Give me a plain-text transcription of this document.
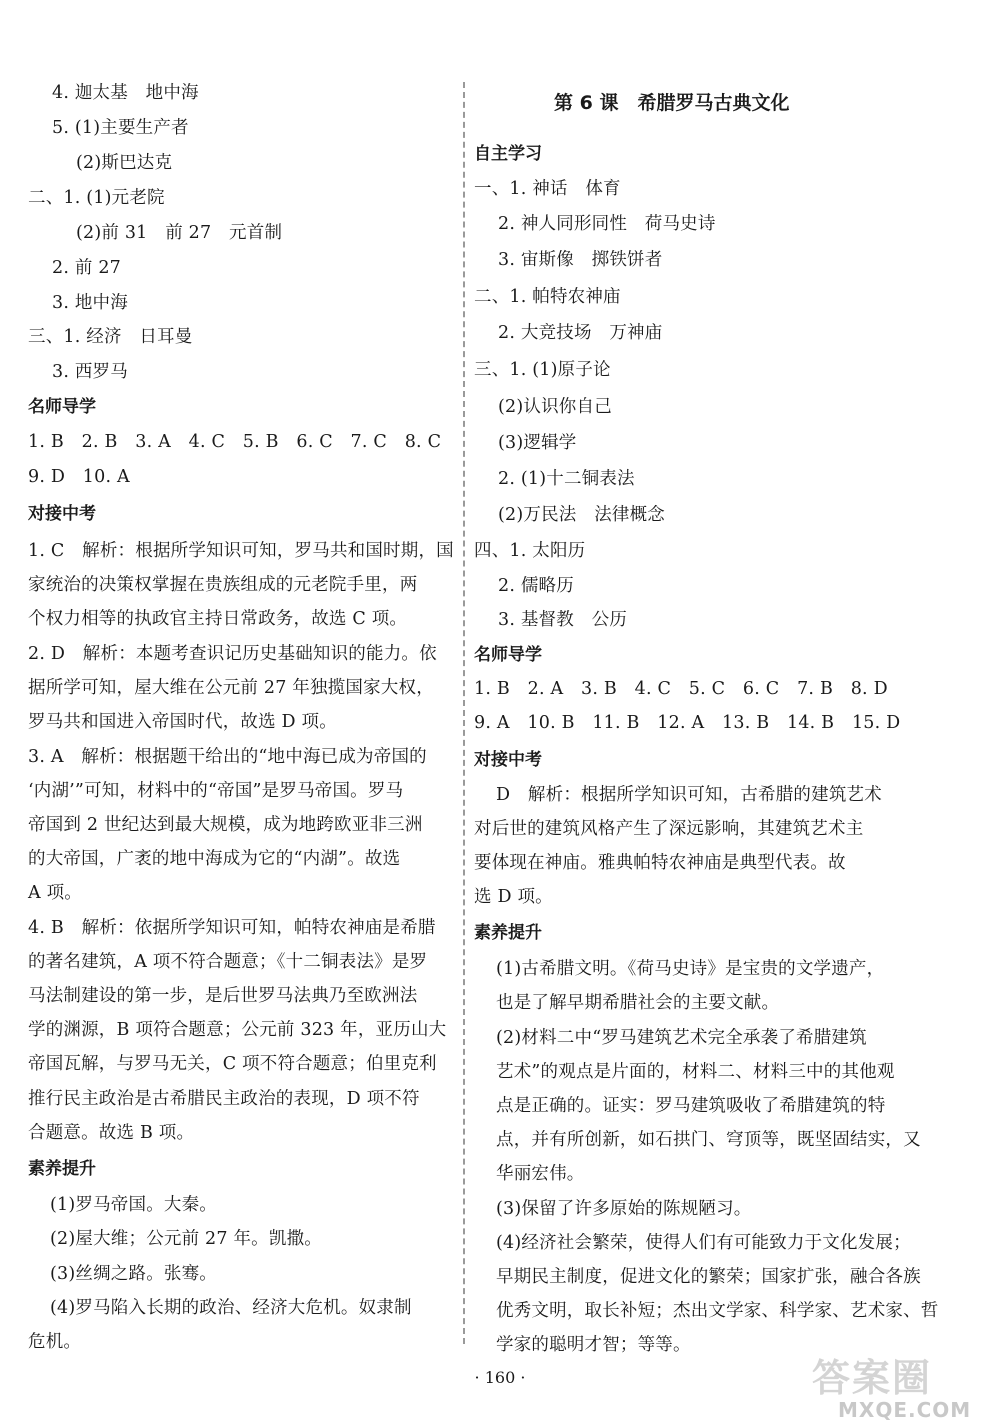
名师导学
对接中考
素养提升
4. 迦太基　地中海
5. (1)主要生产者
(2)斯巴达克
二、1. (1)元老院
(2)前 31　前 27　元首制
2. 前 27
3. 地中海
三、1. 经济　日耳曼
3. 西罗马
1. B　2. B　3. A　4. C　5. B　6. C　7. C　8. C
9. D　10. A
1. C　解析：根据所学知识可知，罗马共和国时期，国
家统治的决策权掌握在贵族组成的元老院手里，两
个权力相等的执政官主持日常政务，故选 C 项。
2. D　解析：本题考查识记历史基础知识的能力。依
据所学可知，屋大维在公元前 27 年独揽国家大权，
罗马共和国进入帝国时代，故选 D 项。
3. A　解析：根据题干给出的“地中海已成为帝国的
‘内湖’”可知，材料中的“帝国”是罗马帝国。罗马
帝国到 2 世纪达到最大规模，成为地跨欧亚非三洲
的大帝国，广袤的地中海成为它的“内湖”。故选
A 项。
4. B　解析：依据所学知识可知，帕特农神庙是希腊
的著名建筑，A 项不符合题意；《十二铜表法》是罗
马法制建设的第一步，是后世罗马法典乃至欧洲法
学的渊源，B 项符合题意；公元前 323 年，亚历山大
帝国瓦解，与罗马无关，C 项不符合题意；伯里克利
推行民主政治是古希腊民主政治的表现，D 项不符
合题意。故选 B 项。
(1)罗马帝国。大秦。
(2)屋大维；公元前 27 年。凯撒。
(3)丝绸之路。张骞。
(4)罗马陷入长期的政治、经济大危机。奴隶制
危机。
第 6 课　希腊罗马古典文化
自主学习
名师导学
对接中考
素养提升
一、1. 神话　体育
2. 神人同形同性　荷马史诗
3. 宙斯像　掷铁饼者
二、1. 帕特农神庙
2. 大竞技场　万神庙
三、1. (1)原子论
(2)认识你自己
(3)逻辑学
2. (1)十二铜表法
(2)万民法　法律概念
四、1. 太阳历
2. 儒略历
3. 基督教　公历
1. B　2. A　3. B　4. C　5. C　6. C　7. B　8. D
9. A　10. B　11. B　12. A　13. B　14. B　15. D
D　解析：根据所学知识可知，古希腊的建筑艺术
对后世的建筑风格产生了深远影响，其建筑艺术主
要体现在神庙。雅典帕特农神庙是典型代表。故
选 D 项。
(1)古希腊文明。《荷马史诗》是宝贵的文学遗产，
也是了解早期希腊社会的主要文献。
(2)材料二中“罗马建筑艺术完全承袭了希腊建筑
艺术”的观点是片面的，材料二、材料三中的其他观
点是正确的。证实：罗马建筑吸收了希腊建筑的特
点，并有所创新，如石拱门、穹顶等，既坚固结实，又
华丽宏伟。
(3)保留了许多原始的陈规陋习。
(4)经济社会繁荣，使得人们有可能致力于文化发展；
早期民主制度，促进文化的繁荣；国家扩张，融合各族
优秀文明，取长补短；杰出文学家、科学家、艺术家、哲
学家的聪明才智；等等。
· 160 ·	答案圈
MXQE.COM
